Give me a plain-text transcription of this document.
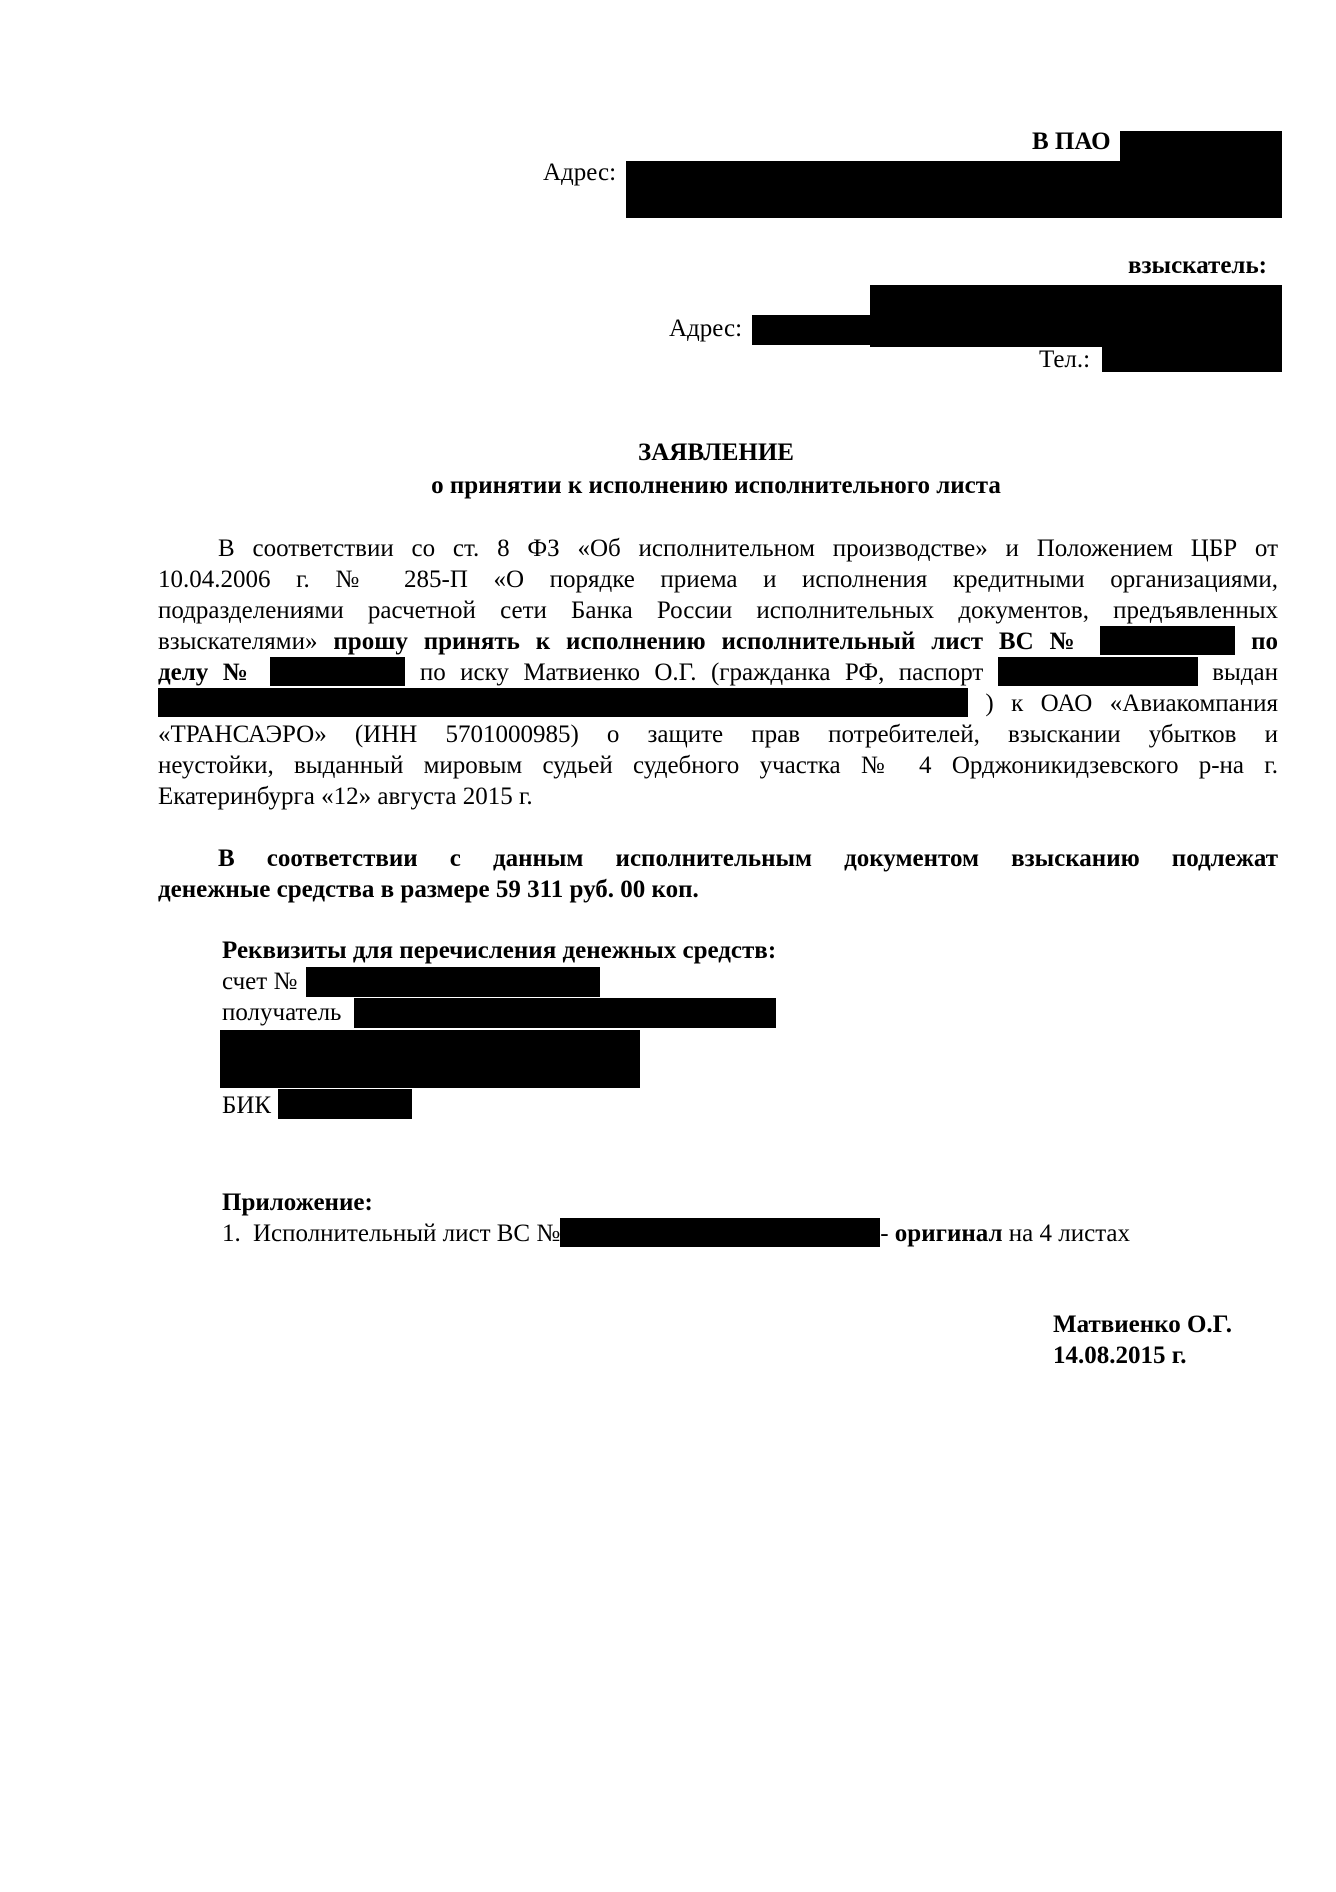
В ПАО
Адрес:
взыскатель:
Адрес:
Тел.:
ЗАЯВЛЕНИЕ
о принятии к исполнению исполнительного листа
В соответствии со ст. 8 ФЗ «Об исполнительном производстве» и Положением ЦБР от
10.04.2006 г. № 285-П «О порядке приема и исполнения кредитными организациями,
подразделениями расчетной сети Банка России исполнительных документов, предъявленных
взыскателями» прошу принять к исполнению исполнительный лист ВС №	по
делу №	по иску Матвиенко О.Г. (гражданка РФ, паспорт	выдан
) к ОАО «Авиакомпания
«ТРАНСАЭРО» (ИНН 5701000985) о защите прав потребителей, взыскании убытков и
неустойки, выданный мировым судьей судебного участка № 4 Орджоникидзевского р-на г.
Екатеринбурга «12» августа 2015 г.
В соответствии с данным исполнительным документом взысканию подлежат
денежные средства в размере 59 311 руб. 00 коп.
Реквизиты для перечисления денежных средств:
счет №
получатель
кор. счет
БИК
Приложение:
1. Исполнительный лист ВС №	- оригинал на 4 листах
Матвиенко О.Г.
14.08.2015 г.
